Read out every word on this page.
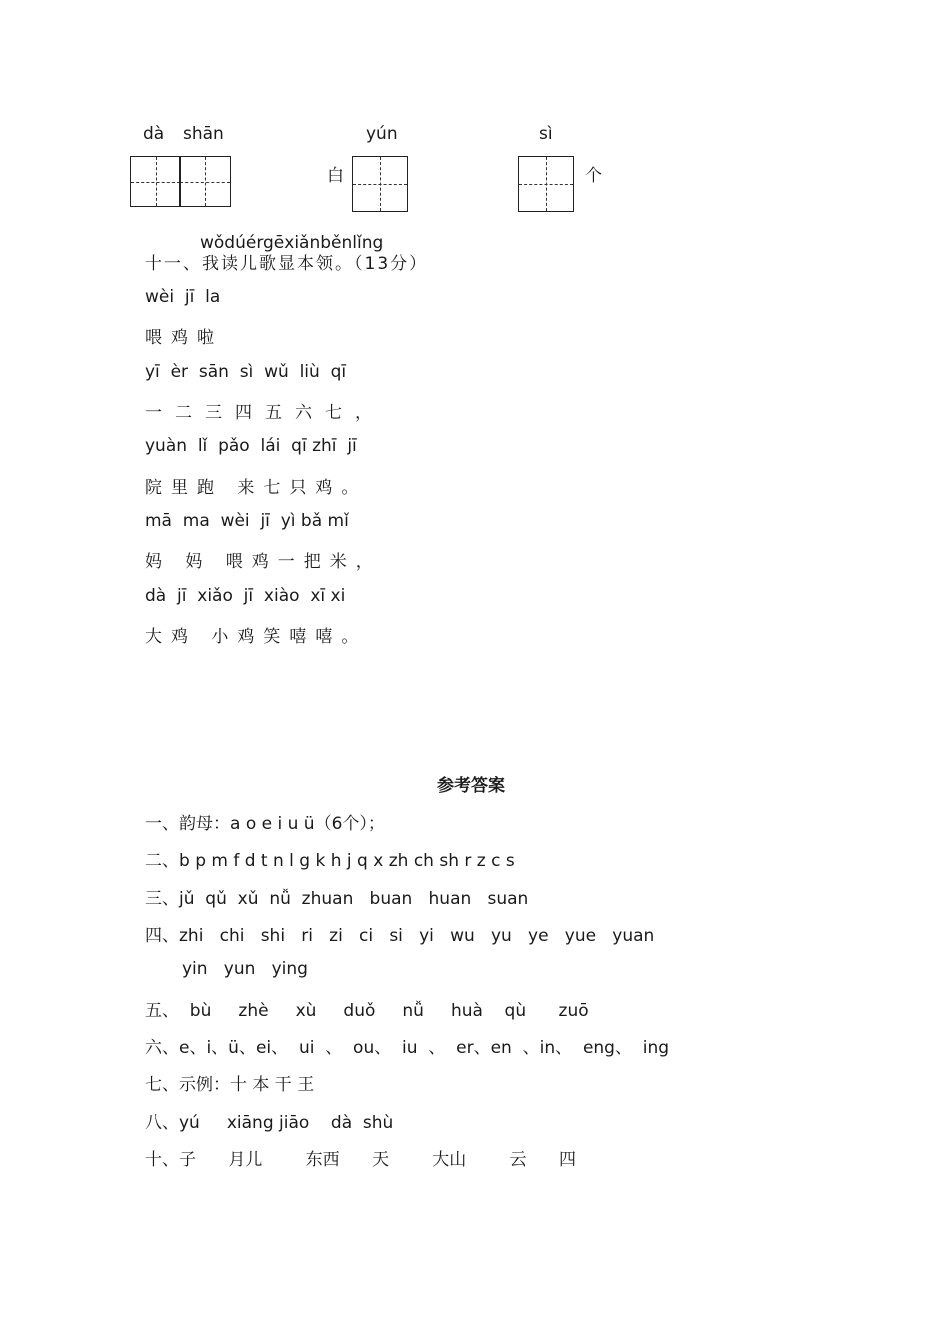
dà shān	yún	sì
白	个
wǒdúérgēxiǎnběnlǐng
十一、我读儿歌显本领。（13分）
wèi  jī  la
喂鸡啦
yī  èr  sān  sì  wǔ  liù  qī
一二三四五六七，
yuàn  lǐ  pǎo  lái  qī zhī  jī
院里跑 来七只鸡。
mā  ma  wèi  jī  yì bǎ mǐ
妈 妈 喂鸡一把米，
dà  jī  xiǎo  jī  xiào  xī xi
大鸡 小鸡笑嘻嘻。
参考答案
一、韵母：a o e i u ü（6个）；
二、b p m f d t n l g k h j q x zh ch sh r z c s
三、jǔ  qǔ  xǔ  nǚ  zhuan   buan   huan   suan
四、zhi   chi   shi   ri   zi   ci   si   yi   wu   yu   ye   yue   yuan
yin   yun   ying
五、  bù     zhè     xù     duǒ     nǚ     huà    qù      zuō
六、e、i、ü、ei、  ui  、  ou、  iu  、  er、en  、in、  eng、  ing
七、示例：十 本 干 王
八、yú     xiāng jiāo    dà  shù
十、子      月儿        东西      天        大山        云      四
